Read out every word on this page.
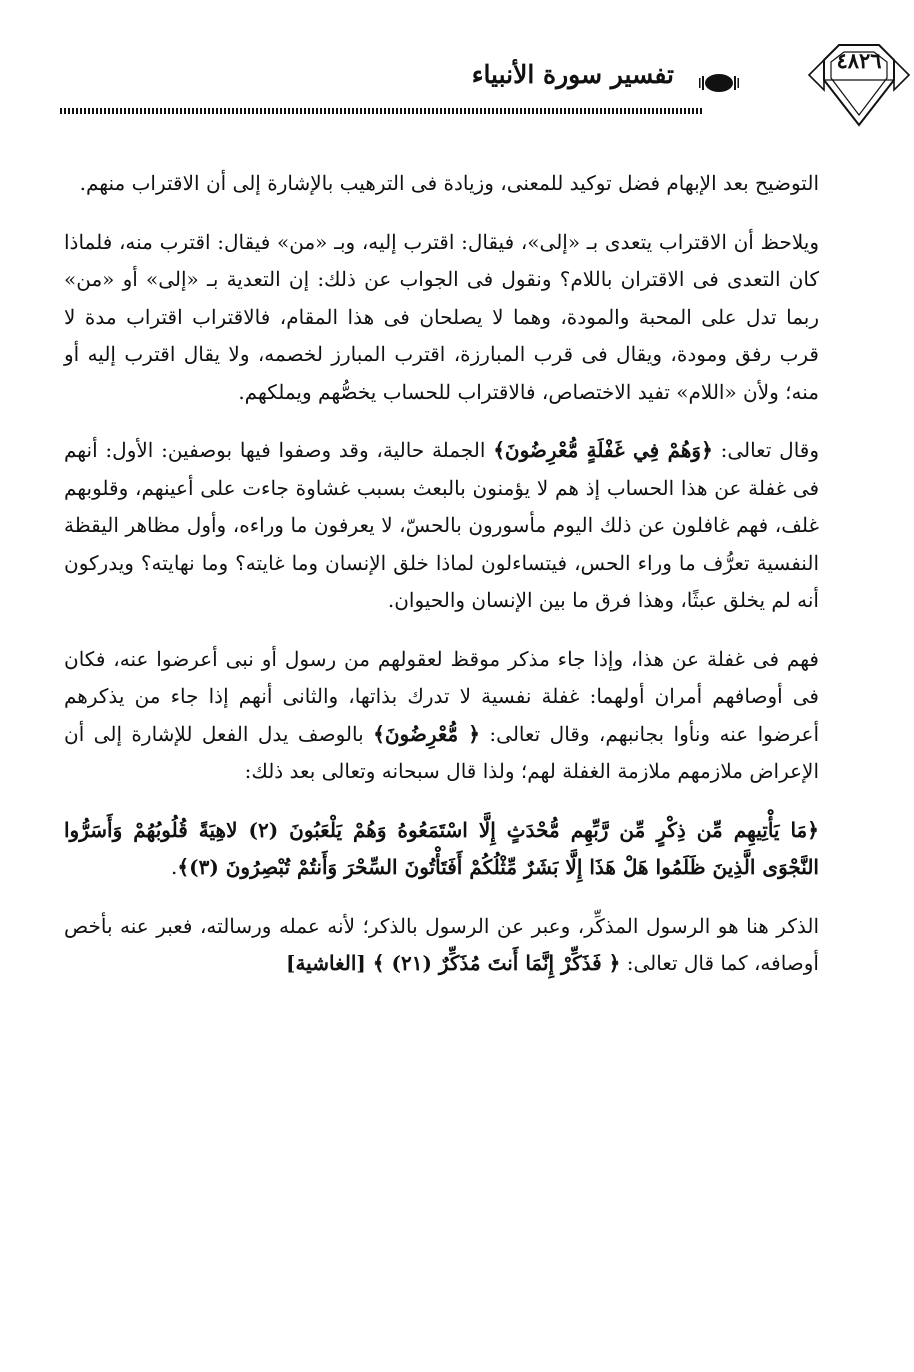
تفسير سورة الأنبياء	٤٨٢٦

التوضيح بعد الإبهام فضل توكيد للمعنى، وزيادة فى الترهيب بالإشارة إلى أن الاقتراب منهم.

ويلاحظ أن الاقتراب يتعدى بـ «إلى»، فيقال: اقترب إليه، وبـ «من» فيقال: اقترب منه، فلماذا كان التعدى فى الاقتران باللام؟ ونقول فى الجواب عن ذلك: إن التعدية بـ «إلى» أو «من» ربما تدل على المحبة والمودة، وهما لا يصلحان فى هذا المقام، فالاقتراب اقتراب مدة لا قرب رفق ومودة، ويقال فى قرب المبارزة، اقترب المبارز لخصمه، ولا يقال اقترب إليه أو منه؛ ولأن «اللام» تفيد الاختصاص، فالاقتراب للحساب يخصُّهم ويملكهم.

وقال تعالى: ﴿وَهُمْ فِي غَفْلَةٍ مُّعْرِضُونَ﴾ الجملة حالية، وقد وصفوا فيها بوصفين: الأول: أنهم فى غفلة عن هذا الحساب إذ هم لا يؤمنون بالبعث بسبب غشاوة جاءت على أعينهم، وقلوبهم غلف، فهم غافلون عن ذلك اليوم مأسورون بالحسّ، لا يعرفون ما وراءه، وأول مظاهر اليقظة النفسية تعرُّف ما وراء الحس، فيتساءلون لماذا خلق الإنسان وما غايته؟ وما نهايته؟ ويدركون أنه لم يخلق عبثًا، وهذا فرق ما بين الإنسان والحيوان.

فهم فى غفلة عن هذا، وإذا جاء مذكر موقظ لعقولهم من رسول أو نبى أعرضوا عنه، فكان فى أوصافهم أمران أولهما: غفلة نفسية لا تدرك بذاتها، والثانى أنهم إذا جاء من يذكرهم أعرضوا عنه ونأوا بجانبهم، وقال تعالى: ﴿ مُّعْرِضُونَ﴾ بالوصف يدل الفعل للإشارة إلى أن الإعراض ملازمهم ملازمة الغفلة لهم؛ ولذا قال سبحانه وتعالى بعد ذلك:

﴿مَا يَأْتِيهِم مِّن ذِكْرٍ مِّن رَّبِّهِم مُّحْدَثٍ إِلَّا اسْتَمَعُوهُ وَهُمْ يَلْعَبُونَ (٢) لاهِيَةً قُلُوبُهُمْ وَأَسَرُّوا النَّجْوَى الَّذِينَ ظَلَمُوا هَلْ هَذَا إِلَّا بَشَرٌ مِّثْلُكُمْ أَفَتَأْتُونَ السِّحْرَ وَأَنتُمْ تُبْصِرُونَ (٣)﴾.

الذكر هنا هو الرسول المذكِّر، وعبر عن الرسول بالذكر؛ لأنه عمله ورسالته، فعبر عنه بأخص أوصافه، كما قال تعالى: ﴿ فَذَكِّرْ إِنَّمَا أَنتَ مُذَكِّرٌ (٢١) ﴾ [الغاشية]
